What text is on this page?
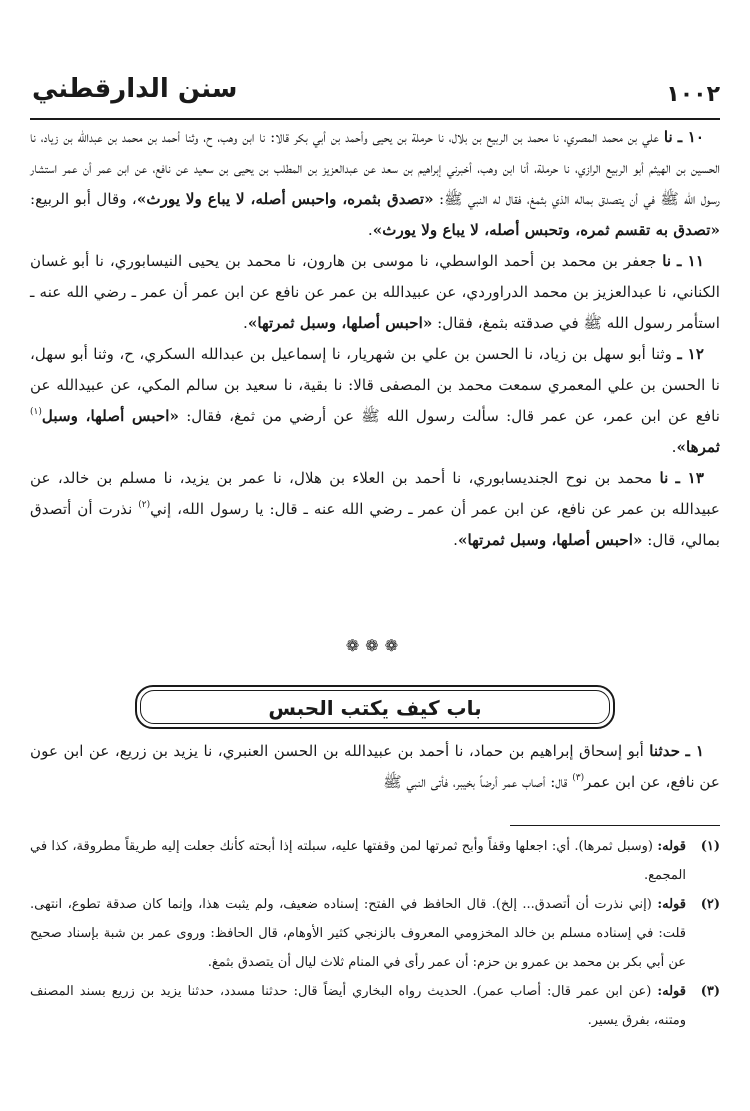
١٠٠٢
سنن الدارقطني

١٠ ـ نا علي بن محمد المصري، نا محمد بن الربيع بن بلال، نا حرملة بن يحيى وأحمد بن أبي بكر قالا: نا ابن وهب، ح، وثنا أحمد بن محمد بن عبدالله بن زياد، نا الحسين بن الهيثم أبو الربيع الرازي، نا حرملة، أنا ابن وهب، أخبرني إبراهيم بن سعد عن عبدالعزيز بن المطلب بن يحيى بن سعيد عن نافع، عن ابن عمر أن عمر استشار رسول الله ﷺ في أن يتصدق بماله الذي بثمغ، فقال له النبي ﷺ: «تصدق بثمره، واحبس أصله، لا يباع ولا يورث»، وقال أبو الربيع: «تصدق به تقسم ثمره، وتحبس أصله، لا يباع ولا يورث».

١١ ـ نا جعفر بن محمد بن أحمد الواسطي، نا موسى بن هارون، نا محمد بن يحيى النيسابوري، نا أبو غسان الكناني، نا عبدالعزيز بن محمد الدراوردي، عن عبيدالله بن عمر عن نافع عن ابن عمر أن عمر ـ رضي الله عنه ـ استأمر رسول الله ﷺ في صدقته بثمغ، فقال: «احبس أصلها، وسبل ثمرتها».

١٢ ـ وثنا أبو سهل بن زياد، نا الحسن بن علي بن شهريار، نا إسماعيل بن عبدالله السكري، ح، وثنا أبو سهل، نا الحسن بن علي المعمري سمعت محمد بن المصفى قالا: نا بقية، نا سعيد بن سالم المكي، عن عبيدالله عن نافع عن ابن عمر، عن عمر قال: سألت رسول الله ﷺ عن أرضي من ثمغ، فقال: «احبس أصلها، وسبل$^{(١)}$ ثمرها».

١٣ ـ نا محمد بن نوح الجنديسابوري، نا أحمد بن العلاء بن هلال، نا عمر بن يزيد، نا مسلم بن خالد، عن عبيدالله بن عمر عن نافع، عن ابن عمر أن عمر ـ رضي الله عنه ـ قال: يا رسول الله، إني$^{(٢)}$ نذرت أن أتصدق بمالي، قال: «احبس أصلها، وسبل ثمرتها».

❁❁❁
باب كيف يكتب الحبس

١ ـ حدثنا أبو إسحاق إبراهيم بن حماد، نا أحمد بن عبيدالله بن الحسن العنبري، نا يزيد بن زريع، عن ابن عون عن نافع، عن ابن عمر$^{(٣)}$ قال: أصاب عمر أرضاً بخيبر، فأتى النبي ﷺ

(١)
قوله: (وسبل ثمرها). أي: اجعلها وقفاً وأبح ثمرتها لمن وقفتها عليه، سبلته إذا أبحته كأنك جعلت إليه طريقاً مطروقة، كذا في المجمع.
(٢)
قوله: (إني نذرت أن أتصدق... إلخ). قال الحافظ في الفتح: إسناده ضعيف، ولم يثبت هذا، وإنما كان صدقة تطوع، انتهى. قلت: في إسناده مسلم بن خالد المخزومي المعروف بالزنجي كثير الأوهام، قال الحافظ: وروى عمر بن شبة بإسناد صحيح عن أبي بكر بن محمد بن عمرو بن حزم: أن عمر رأى في المنام ثلاث ليال أن يتصدق بثمغ.
(٣)
قوله: (عن ابن عمر قال: أصاب عمر). الحديث رواه البخاري أيضاً قال: حدثنا مسدد، حدثنا يزيد بن زريع بسند المصنف ومتنه، بفرق يسير.
